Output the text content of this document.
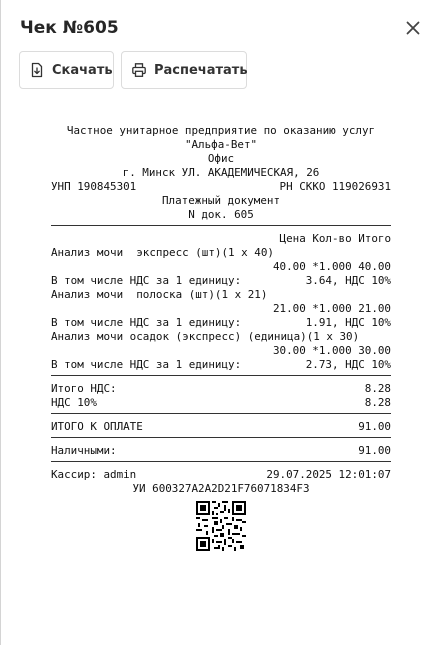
Чек №605
Скачать	Распечатать
Частное унитарное предприятие по оказанию услуг
"Альфа-Вет"
Офис
г. Минск УЛ. АКАДЕМИЧЕСКАЯ, 26
УНП 190845301	РН СККО 119026931
Платежный документ
N док. 605
Цена Кол-во Итого
Анализ мочи  экспресс (шт)(1 x 40)
40.00 *1.000 40.00
В том числе НДС за 1 единицу:	3.64, НДС 10%
Анализ мочи  полоска (шт)(1 x 21)
21.00 *1.000 21.00
В том числе НДС за 1 единицу:	1.91, НДС 10%
Анализ мочи осадок (экспресс) (единица)(1 x 30)
30.00 *1.000 30.00
В том числе НДС за 1 единицу:	2.73, НДС 10%
Итого НДС:	8.28
НДС 10%	8.28
ИТОГО К ОПЛАТЕ	91.00
Наличными:	91.00
Кассир: admin	29.07.2025 12:01:07
УИ 600327A2A2D21F76071834F3
